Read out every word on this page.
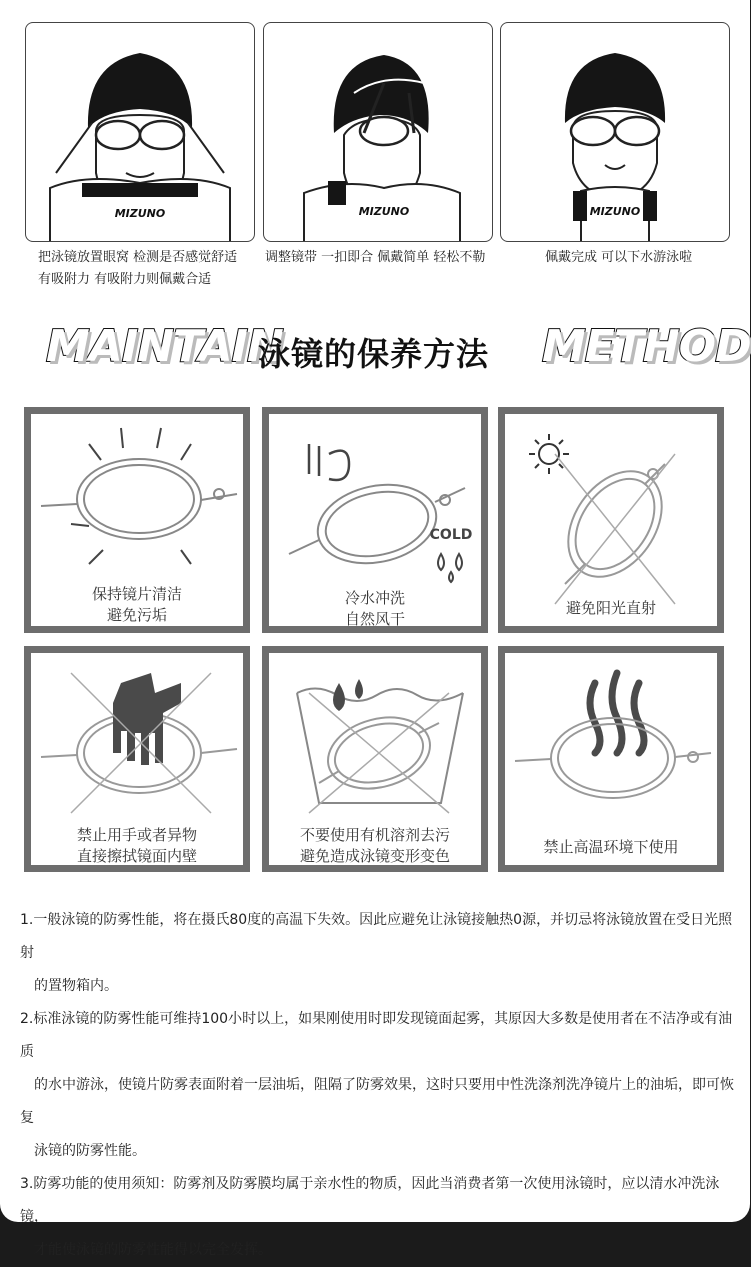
MIZUNO
把泳镜放置眼窝 检测是否感觉舒适
有吸附力 有吸附力则佩戴合适
MIZUNO
调整镜带 一扣即合 佩戴简单 轻松不勒
MIZUNO
佩戴完成 可以下水游泳啦
MAINTAIN
泳镜的保养方法 METHOD
保持镜片清洁
避免污垢
COLD
冷水冲洗
自然风干
避免阳光直射
禁止用手或者异物
直接擦拭镜面内壁
不要使用有机溶剂去污
避免造成泳镜变形变色	禁止高温环境下使用

1.一般泳镜的防雾性能，将在摄氏80度的高温下失效。因此应避免让泳镜接触热0源，并切忌将泳镜放置在受日光照射
的置物箱内。

2.标准泳镜的防雾性能可维持100小时以上，如果刚使用时即发现镜面起雾，其原因大多数是使用者在不洁净或有油质
的水中游泳，使镜片防雾表面附着一层油垢，阻隔了防雾效果，这时只要用中性洗涤剂洗净镜片上的油垢，即可恢复
泳镜的防雾性能。

3.防雾功能的使用须知：防雾剂及防雾膜均属于亲水性的物质，因此当消费者第一次使用泳镜时，应以清水冲洗泳镜，
才能使泳镜的防雾性能得以完全发挥。
